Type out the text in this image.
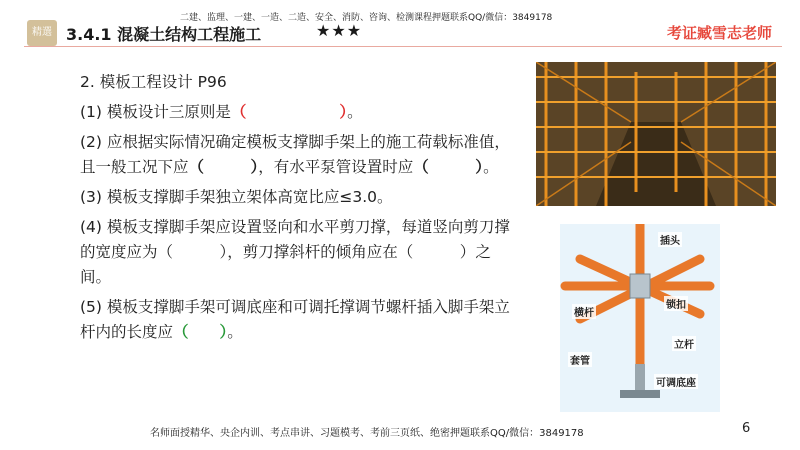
精選 3.4.1 混凝土结构工程施工	★★★
二建、监理、一建、一造、二造、安全、消防、咨询、检测课程押题联系QQ/微信：3849178
考证臧雪志老师

2. 模板工程设计 P96

(1) 模板设计三原则是（　　　　　　）。

(2) 应根据实际情况确定模板支撑脚手架上的施工荷载标准值，且一般工况下应（　　　），有水平泵管设置时应（　　　）。

(3) 模板支撑脚手架独立架体高宽比应≤3.0。

(4) 模板支撑脚手架应设置竖向和水平剪刀撑，每道竖向剪刀撑的宽度应为（　　　），剪刀撑斜杆的倾角应在（　　　）之间。

(5) 模板支撑脚手架可调底座和可调托撑调节螺杆插入脚手架立杆内的长度应（　　）。

插头
横杆
锁扣
立杆
套管
可调底座
名师面授精华、央企内训、考点串讲、习题模考、考前三页纸、绝密押题联系QQ/微信：3849178	6
